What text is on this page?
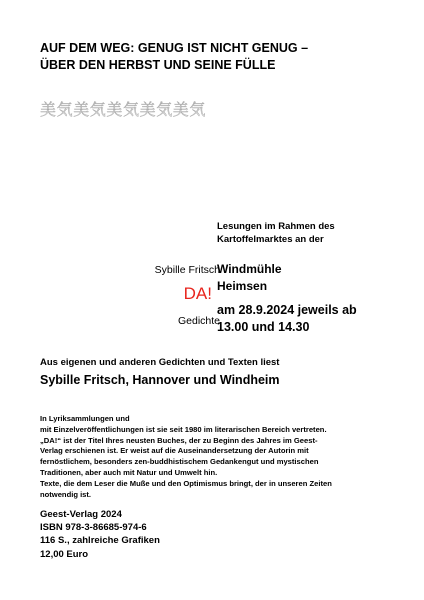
AUF DEM WEG: GENUG IST NICHT GENUG –
ÜBER DEN HERBST UND SEINE FÜLLE
美気美気美気美気美気
Lesungen im Rahmen des
Kartoffelmarktes an der
Sybille Fritsch
DA!
Gedichte
Windmühle
Heimsen
am 28.9.2024 jeweils ab
13.00 und 14.30
Aus eigenen und anderen Gedichten und Texten liest
Sybille Fritsch, Hannover und Windheim

In Lyriksammlungen und

mit Einzelveröffentlichungen ist sie seit 1980 im literarischen Bereich vertreten.

„DA!“ ist der Titel Ihres neusten Buches, der zu Beginn des Jahres im Geest-

Verlag erschienen ist. Er weist auf die Auseinandersetzung der Autorin mit

fernöstlichem, besonders zen-buddhistischem Gedankengut und mystischen

Traditionen, aber auch mit Natur und Umwelt hin.

Texte, die dem Leser die Muße und den Optimismus bringt, der in unseren Zeiten

notwendig ist.

Geest-Verlag 2024
ISBN 978-3-86685-974-6
116 S., zahlreiche Grafiken
12,00 Euro
